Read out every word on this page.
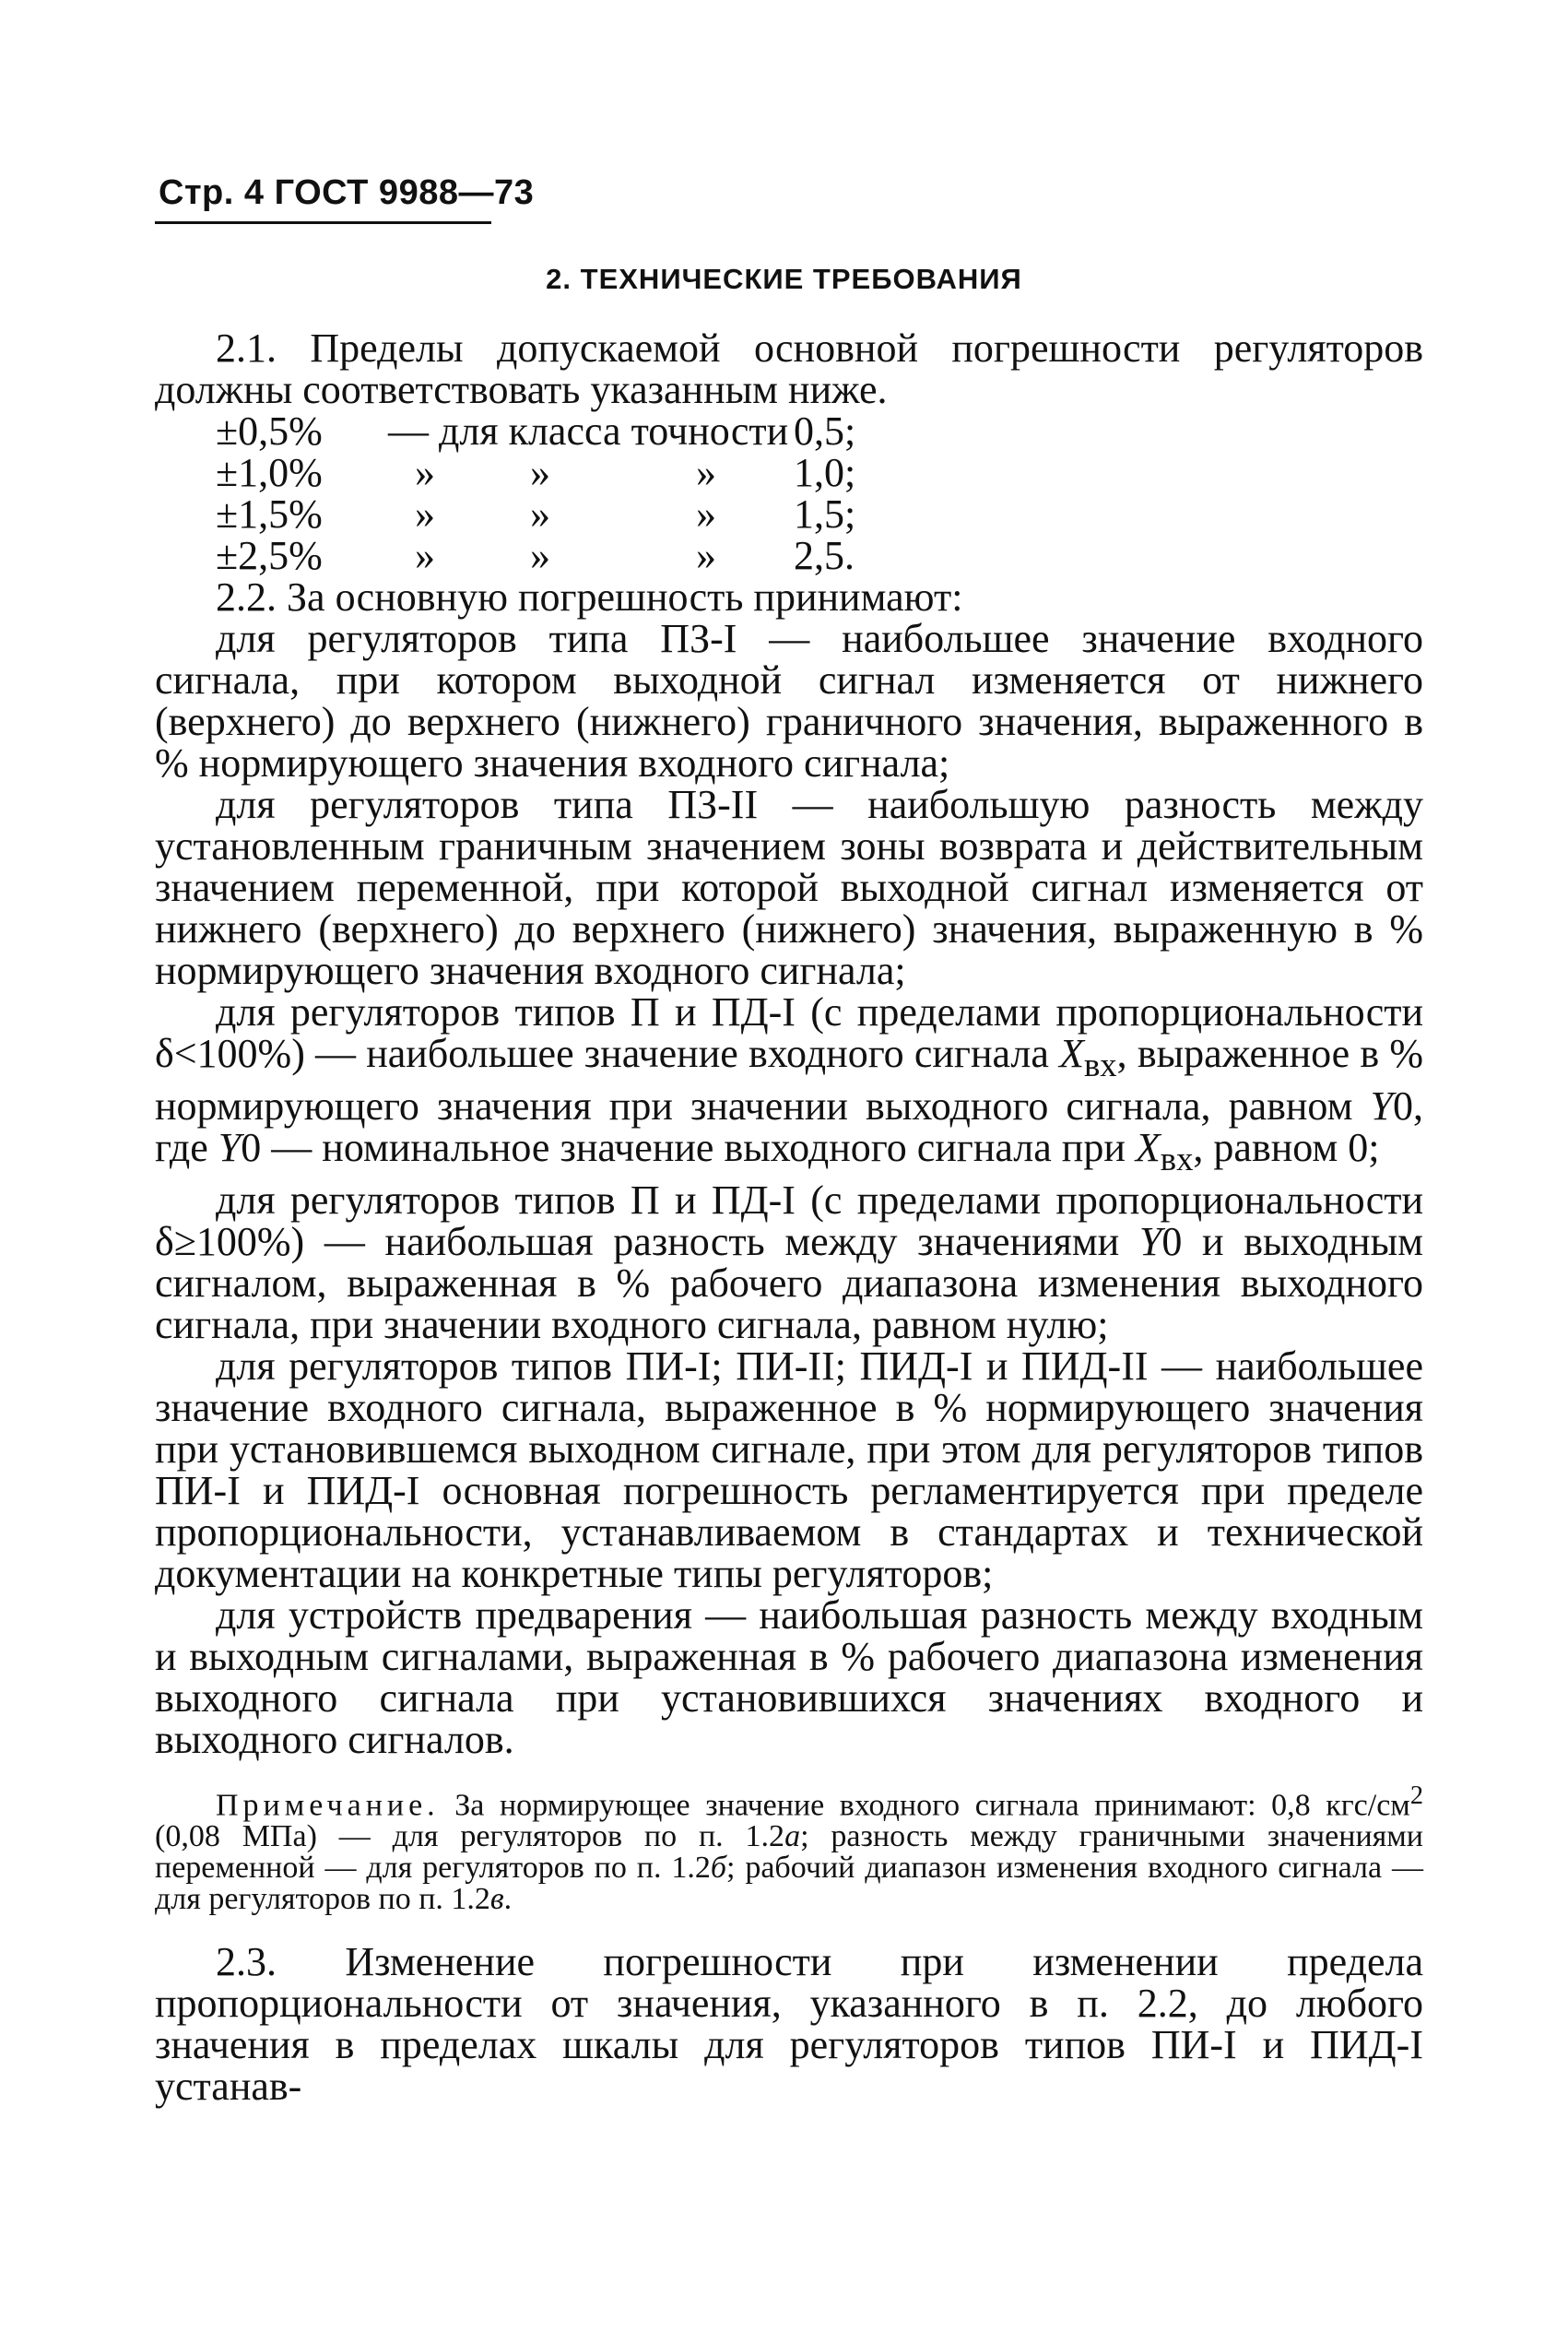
Стр. 4 ГОСТ 9988—73
2. ТЕХНИЧЕСКИЕ ТРЕБОВАНИЯ

2.1. Пределы допускаемой основной погрешности регуляторов должны соответствовать указанным ниже.

±0,5%	— для класса точности			0,5;
±1,0%	»	»	»	1,0;
±1,5%	»	»	»	1,5;
±2,5%	»	»	»	2,5.

2.2. За основную погрешность принимают:

для регуляторов типа ПЗ-I — наибольшее значение входного сигнала, при котором выходной сигнал изменяется от нижнего (верхнего) до верхнего (нижнего) граничного значения, выраженного в % нормирующего значения входного сигнала;

для регуляторов типа ПЗ-II — наибольшую разность между установленным граничным значением зоны возврата и действительным значением переменной, при которой выходной сигнал изменяется от нижнего (верхнего) до верхнего (нижнего) значения, выраженную в % нормирующего значения входного сигнала;

для регуляторов типов П и ПД-I (с пределами пропорциональности δ<100%) — наибольшее значение входного сигнала $X_{вх}$, выраженное в % нормирующего значения при значении выходного сигнала, равном Y0, где Y0 — номинальное значение выходного сигнала при $X_{вх}$, равном 0;

для регуляторов типов П и ПД-I (с пределами пропорциональности δ≥100%) — наибольшая разность между значениями Y0 и выходным сигналом, выраженная в % рабочего диапазона изменения выходного сигнала, при значении входного сигнала, равном нулю;

для регуляторов типов ПИ-I; ПИ-II; ПИД-I и ПИД-II — наибольшее значение входного сигнала, выраженное в % нормирующего значения при установившемся выходном сигнале, при этом для регуляторов типов ПИ-I и ПИД-I основная погрешность регламентируется при пределе пропорциональности, устанавливаемом в стандартах и технической документации на конкретные типы регуляторов;

для устройств предварения — наибольшая разность между входным и выходным сигналами, выраженная в % рабочего диапазона изменения выходного сигнала при установившихся значениях входного и выходного сигналов.

Примечание. За нормирующее значение входного сигнала принимают: 0,8 кгс/$см^2$ (0,08 МПа) — для регуляторов по п. 1.2а; разность между граничными значениями переменной — для регуляторов по п. 1.2б; рабочий диапазон изменения входного сигнала — для регуляторов по п. 1.2в.

2.3. Изменение погрешности при изменении предела пропорциональности от значения, указанного в п. 2.2, до любого значения в пределах шкалы для регуляторов типов ПИ-I и ПИД-I устанав-
